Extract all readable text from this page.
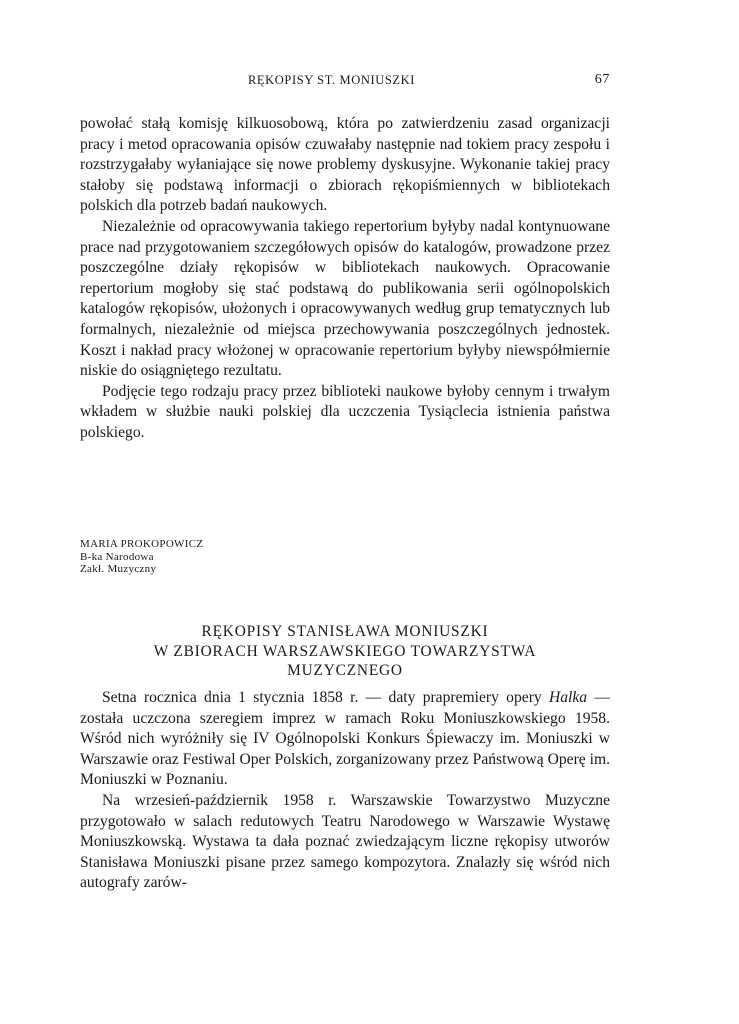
RĘKOPISY ST. MONIUSZKI	67

powołać stałą komisję kilkuosobową, która po zatwierdzeniu zasad organizacji pracy i metod opracowania opisów czuwałaby następnie nad tokiem pracy zespołu i rozstrzygałaby wyłaniające się nowe problemy dyskusyjne. Wykonanie takiej pracy stałoby się podstawą informacji o zbiorach rękopiśmiennych w bibliotekach polskich dla potrzeb badań naukowych.

Niezależnie od opracowywania takiego repertorium byłyby nadal kontynuowane prace nad przygotowaniem szczegółowych opisów do katalogów, prowadzone przez poszczególne działy rękopisów w bibliotekach naukowych. Opracowanie repertorium mogłoby się stać podstawą do publikowania serii ogólnopolskich katalogów rękopisów, ułożonych i opracowywanych według grup tematycznych lub formalnych, niezależnie od miejsca przechowywania poszczególnych jednostek. Koszt i nakład pracy włożonej w opracowanie repertorium byłyby niewspółmiernie niskie do osiągniętego rezultatu.

Podjęcie tego rodzaju pracy przez biblioteki naukowe byłoby cennym i trwałym wkładem w służbie nauki polskiej dla uczczenia Tysiąclecia istnienia państwa polskiego.

MARIA PROKOPOWICZ
B-ka Narodowa
Zakł. Muzyczny
RĘKOPISY STANISŁAWA MONIUSZKI
W ZBIORACH WARSZAWSKIEGO TOWARZYSTWA
MUZYCZNEGO

Setna rocznica dnia 1 stycznia 1858 r. — daty prapremiery opery Halka — została uczczona szeregiem imprez w ramach Roku Moniuszkowskiego 1958. Wśród nich wyróżniły się IV Ogólnopolski Konkurs Śpiewaczy im. Moniuszki w Warszawie oraz Festiwal Oper Polskich, zorganizowany przez Państwową Operę im. Moniuszki w Poznaniu.

Na wrzesień-październik 1958 r. Warszawskie Towarzystwo Muzyczne przygotowało w salach redutowych Teatru Narodowego w Warszawie Wystawę Moniuszkowską. Wystawa ta dała poznać zwiedzającym liczne rękopisy utworów Stanisława Moniuszki pisane przez samego kompozytora. Znalazły się wśród nich autografy zarów-
